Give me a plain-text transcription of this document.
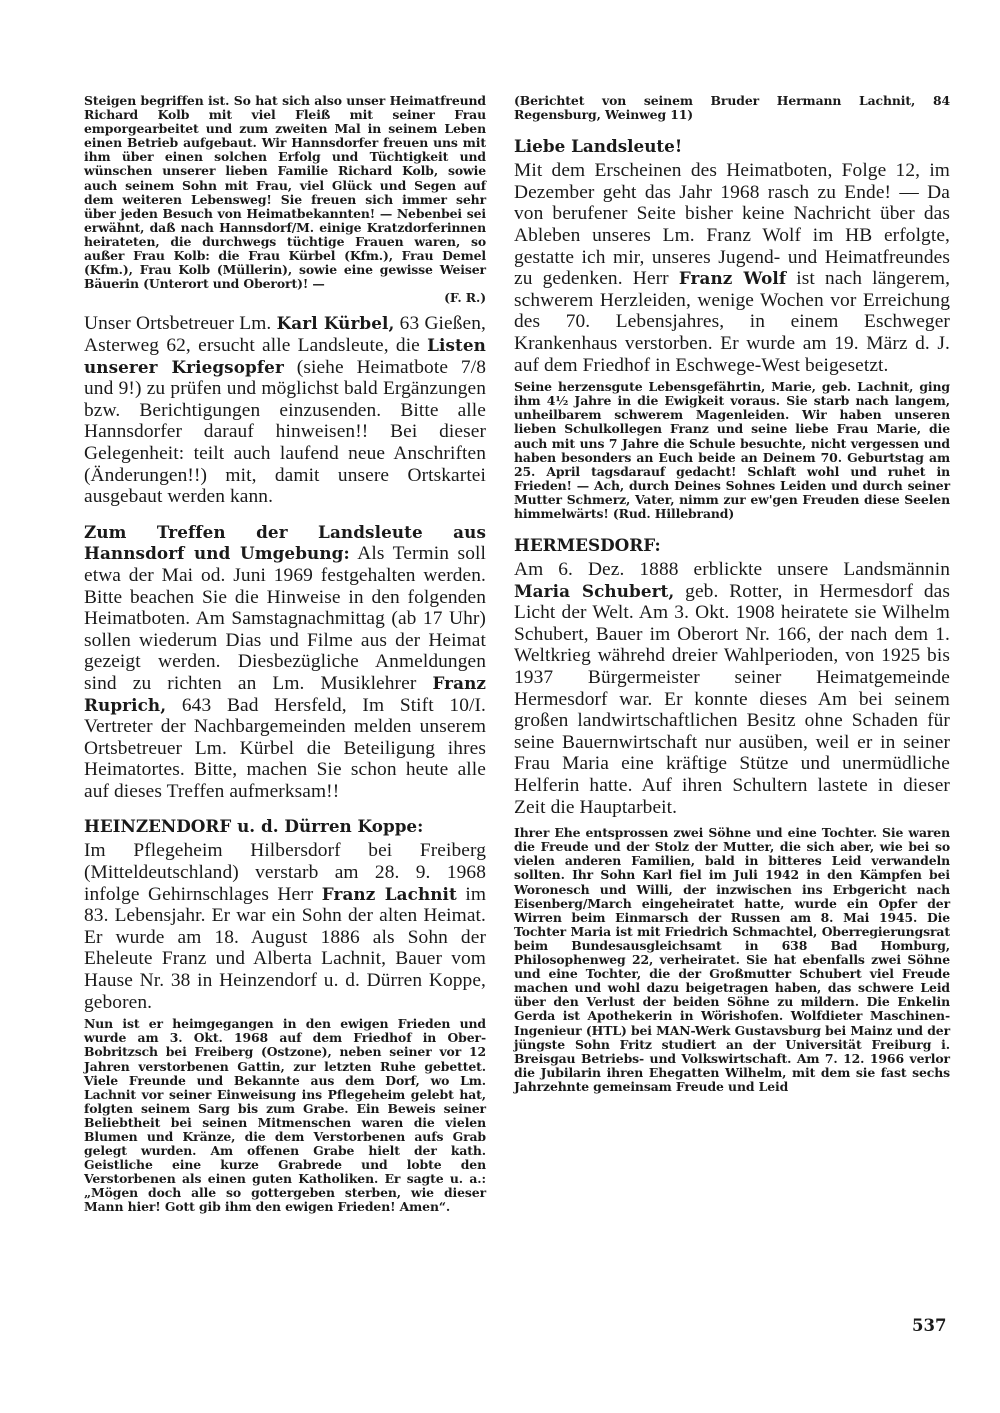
Steigen begriffen ist. So hat sich also unser Heimatfreund Richard Kolb mit viel Fleiß mit seiner Frau emporgearbeitet und zum zweiten Mal in seinem Leben einen Betrieb aufgebaut. Wir Hannsdorfer freuen uns mit ihm über einen solchen Erfolg und Tüchtigkeit und wünschen unserer lieben Familie Richard Kolb, sowie auch seinem Sohn mit Frau, viel Glück und Segen auf dem weiteren Lebensweg! Sie freuen sich immer sehr über jeden Besuch von Heimatbekannten! — Nebenbei sei erwähnt, daß nach Hannsdorf/M. einige Kratzdorferinnen heirateten, die durchwegs tüchtige Frauen waren, so außer Frau Kolb: die Frau Kürbel (Kfm.), Frau Demel (Kfm.), Frau Kolb (Müllerin), sowie eine gewisse Weiser Bäuerin (Unterort und Oberort)! —

(F. R.)

Unser Ortsbetreuer Lm. Karl Kürbel, 63 Gießen, Asterweg 62, ersucht alle Landsleute, die Listen unserer Kriegsopfer (siehe Heimatbote 7/8 und 9!) zu prüfen und möglichst bald Ergänzungen bzw. Berichtigungen einzusenden. Bitte alle Hannsdorfer darauf hinweisen!! Bei dieser Gelegenheit: teilt auch laufend neue Anschriften (Änderungen!!) mit, damit unsere Ortskartei ausgebaut werden kann.

Zum Treffen der Landsleute aus Hannsdorf und Umgebung: Als Termin soll etwa der Mai od. Juni 1969 festgehalten werden. Bitte beachen Sie die Hinweise in den folgenden Heimatboten. Am Samstagnachmittag (ab 17 Uhr) sollen wiederum Dias und Filme aus der Heimat gezeigt werden. Diesbezügliche Anmeldungen sind zu richten an Lm. Musiklehrer Franz Ruprich, 643 Bad Hersfeld, Im Stift 10/I. Vertreter der Nachbargemeinden melden unserem Ortsbetreuer Lm. Kürbel die Beteiligung ihres Heimatortes. Bitte, machen Sie schon heute alle auf dieses Treffen aufmerksam!!

HEINZENDORF u. d. Dürren Koppe:

Im Pflegeheim Hilbersdorf bei Freiberg (Mitteldeutschland) verstarb am 28. 9. 1968 infolge Gehirnschlages Herr Franz Lachnit im 83. Lebensjahr. Er war ein Sohn der alten Heimat. Er wurde am 18. August 1886 als Sohn der Eheleute Franz und Alberta Lachnit, Bauer vom Hause Nr. 38 in Heinzendorf u. d. Dürren Koppe, geboren.

Nun ist er heimgegangen in den ewigen Frieden und wurde am 3. Okt. 1968 auf dem Friedhof in Ober-Bobritzsch bei Freiberg (Ostzone), neben seiner vor 12 Jahren verstorbenen Gattin, zur letzten Ruhe gebettet. Viele Freunde und Bekannte aus dem Dorf, wo Lm. Lachnit vor seiner Einweisung ins Pflegeheim gelebt hat, folgten seinem Sarg bis zum Grabe. Ein Beweis seiner Beliebtheit bei seinen Mitmenschen waren die vielen Blumen und Kränze, die dem Verstorbenen aufs Grab gelegt wurden. Am offenen Grabe hielt der kath. Geistliche eine kurze Grabrede und lobte den Verstorbenen als einen guten Katholiken. Er sagte u. a.: „Mögen doch alle so gottergeben sterben, wie dieser Mann hier! Gott gib ihm den ewigen Frieden! Amen“.

(Berichtet von seinem Bruder Hermann Lachnit, 84 Regensburg, Weinweg 11)

Liebe Landsleute!

Mit dem Erscheinen des Heimatboten, Folge 12, im Dezember geht das Jahr 1968 rasch zu Ende! — Da von berufener Seite bisher keine Nachricht über das Ableben unseres Lm. Franz Wolf im HB erfolgte, gestatte ich mir, unseres Jugend- und Heimatfreundes zu gedenken. Herr Franz Wolf ist nach längerem, schwerem Herzleiden, wenige Wochen vor Erreichung des 70. Lebensjahres, in einem Eschweger Krankenhaus verstorben. Er wurde am 19. März d. J. auf dem Friedhof in Eschwege-West beigesetzt.

Seine herzensgute Lebensgefährtin, Marie, geb. Lachnit, ging ihm 4½ Jahre in die Ewigkeit voraus. Sie starb nach langem, unheilbarem schwerem Magenleiden. Wir haben unseren lieben Schulkollegen Franz und seine liebe Frau Marie, die auch mit uns 7 Jahre die Schule besuchte, nicht vergessen und haben besonders an Euch beide an Deinem 70. Geburtstag am 25. April tagsdarauf gedacht! Schlaft wohl und ruhet in Frieden! — Ach, durch Deines Sohnes Leiden und durch seiner Mutter Schmerz, Vater, nimm zur ew'gen Freuden diese Seelen himmelwärts! (Rud. Hillebrand)

HERMESDORF:

Am 6. Dez. 1888 erblickte unsere Landsmännin Maria Schubert, geb. Rotter, in Hermesdorf das Licht der Welt. Am 3. Okt. 1908 heiratete sie Wilhelm Schubert, Bauer im Oberort Nr. 166, der nach dem 1. Weltkrieg währehd dreier Wahlperioden, von 1925 bis 1937 Bürgermeister seiner Heimatgemeinde Hermesdorf war. Er konnte dieses Am bei seinem großen landwirtschaftlichen Besitz ohne Schaden für seine Bauernwirtschaft nur ausüben, weil er in seiner Frau Maria eine kräftige Stütze und unermüdliche Helferin hatte. Auf ihren Schultern lastete in dieser Zeit die Hauptarbeit.

Ihrer Ehe entsprossen zwei Söhne und eine Tochter. Sie waren die Freude und der Stolz der Mutter, die sich aber, wie bei so vielen anderen Familien, bald in bitteres Leid verwandeln sollten. Ihr Sohn Karl fiel im Juli 1942 in den Kämpfen bei Woronesch und Willi, der inzwischen ins Erbgericht nach Eisenberg/March eingeheiratet hatte, wurde ein Opfer der Wirren beim Einmarsch der Russen am 8. Mai 1945. Die Tochter Maria ist mit Friedrich Schmachtel, Oberregierungsrat beim Bundesausgleichsamt in 638 Bad Homburg, Philosophenweg 22, verheiratet. Sie hat ebenfalls zwei Söhne und eine Tochter, die der Großmutter Schubert viel Freude machen und wohl dazu beigetragen haben, das schwere Leid über den Verlust der beiden Söhne zu mildern. Die Enkelin Gerda ist Apothekerin in Wörishofen. Wolfdieter Maschinen-Ingenieur (HTL) bei MAN-Werk Gustavsburg bei Mainz und der jüngste Sohn Fritz studiert an der Universität Freiburg i. Breisgau Betriebs- und Volkswirtschaft. Am 7. 12. 1966 verlor die Jubilarin ihren Ehegatten Wilhelm, mit dem sie fast sechs Jahrzehnte gemeinsam Freude und Leid

537
